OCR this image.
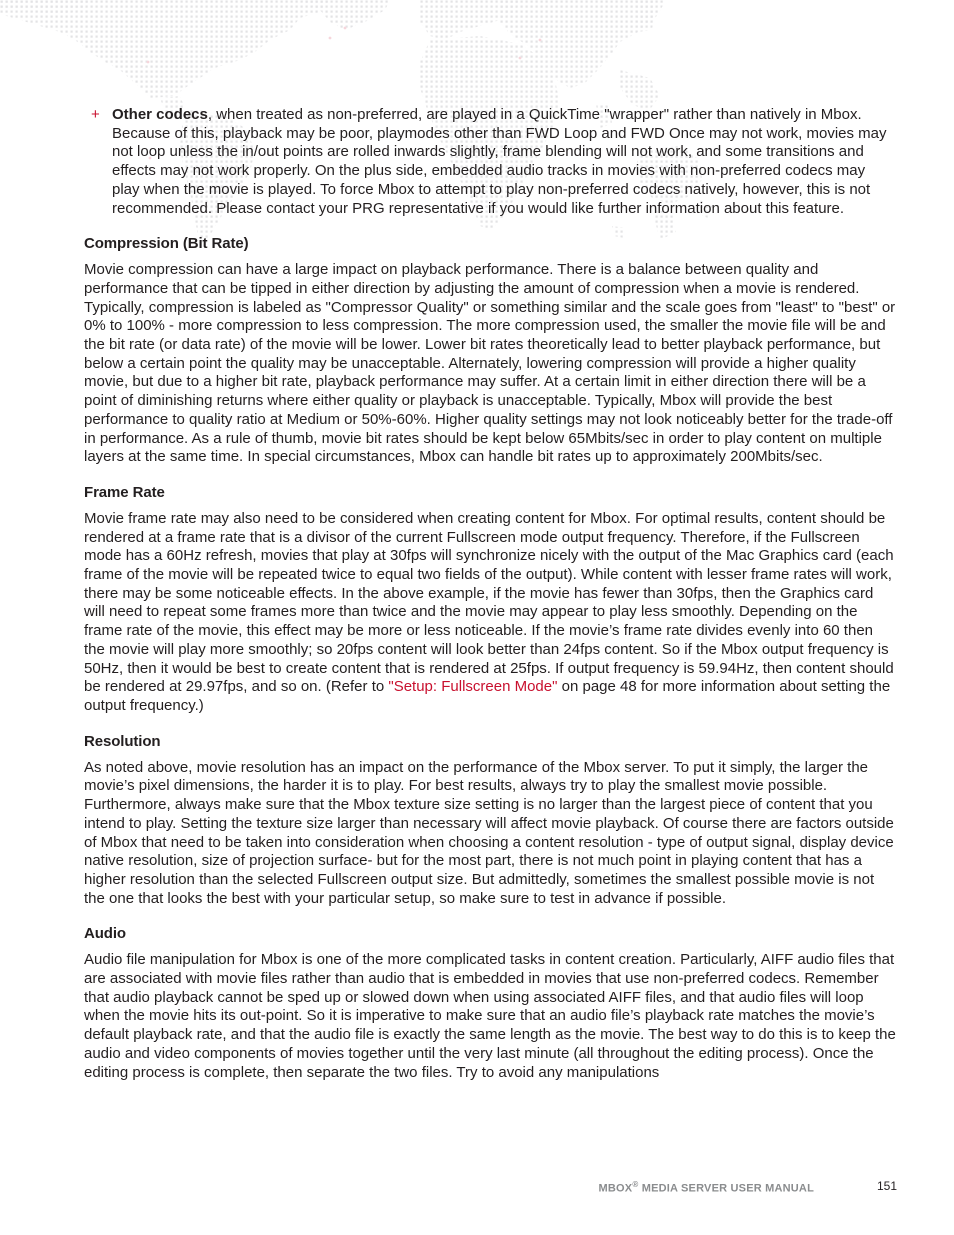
+ Other codecs, when treated as non-preferred, are played in a QuickTime "wrapper" rather than natively in Mbox. Because of this, playback may be poor, playmodes other than FWD Loop and FWD Once may not work, movies may not loop unless the in/out points are rolled inwards slightly, frame blending will not work, and some transitions and effects may not work properly. On the plus side, embedded audio tracks in movies with non-preferred codecs may play when the movie is played. To force Mbox to attempt to play non-preferred codecs natively, however, this is not recommended. Please contact your PRG representative if you would like further information about this feature.
Compression (Bit Rate)

Movie compression can have a large impact on playback performance. There is a balance between quality and performance that can be tipped in either direction by adjusting the amount of compression when a movie is rendered. Typically, compression is labeled as "Compressor Quality" or something similar and the scale goes from "least" to "best" or 0% to 100% - more compression to less compression. The more compression used, the smaller the movie file will be and the bit rate (or data rate) of the movie will be lower. Lower bit rates theoretically lead to better playback performance, but below a certain point the quality may be unacceptable. Alternately, lowering compression will provide a higher quality movie, but due to a higher bit rate, playback performance may suffer. At a certain limit in either direction there will be a point of diminishing returns where either quality or playback is unacceptable. Typically, Mbox will provide the best performance to quality ratio at Medium or 50%-60%. Higher quality settings may not look noticeably better for the trade-off in performance. As a rule of thumb, movie bit rates should be kept below 65Mbits/sec in order to play content on multiple layers at the same time. In special circumstances, Mbox can handle bit rates up to approximately 200Mbits/sec.

Frame Rate

Movie frame rate may also need to be considered when creating content for Mbox. For optimal results, content should be rendered at a frame rate that is a divisor of the current Fullscreen mode output frequency. Therefore, if the Fullscreen mode has a 60Hz refresh, movies that play at 30fps will synchronize nicely with the output of the Mac Graphics card (each frame of the movie will be repeated twice to equal two fields of the output). While content with lesser frame rates will work, there may be some noticeable effects. In the above example, if the movie has fewer than 30fps, then the Graphics card will need to repeat some frames more than twice and the movie may appear to play less smoothly. Depending on the frame rate of the movie, this effect may be more or less noticeable. If the movie’s frame rate divides evenly into 60 then the movie will play more smoothly; so 20fps content will look better than 24fps content. So if the Mbox output frequency is 50Hz, then it would be best to create content that is rendered at 25fps. If output frequency is 59.94Hz, then content should be rendered at 29.97fps, and so on. (Refer to "Setup: Fullscreen Mode" on page 48 for more information about setting the output frequency.)

Resolution

As noted above, movie resolution has an impact on the performance of the Mbox server. To put it simply, the larger the movie’s pixel dimensions, the harder it is to play. For best results, always try to play the smallest movie possible. Furthermore, always make sure that the Mbox texture size setting is no larger than the largest piece of content that you intend to play. Setting the texture size larger than necessary will affect movie playback. Of course there are factors outside of Mbox that need to be taken into consideration when choosing a content resolution - type of output signal, display device native resolution, size of projection surface- but for the most part, there is not much point in playing content that has a higher resolution than the selected Fullscreen output size. But admittedly, sometimes the smallest possible movie is not the one that looks the best with your particular setup, so make sure to test in advance if possible.

Audio

Audio file manipulation for Mbox is one of the more complicated tasks in content creation. Particularly, AIFF audio files that are associated with movie files rather than audio that is embedded in movies that use non-preferred codecs. Remember that audio playback cannot be sped up or slowed down when using associated AIFF files, and that audio files will loop when the movie hits its out-point. So it is imperative to make sure that an audio file’s playback rate matches the movie’s default playback rate, and that the audio file is exactly the same length as the movie. The best way to do this is to keep the audio and video components of movies together until the very last minute (all throughout the editing process). Once the editing process is complete, then separate the two files. Try to avoid any manipulations

MBOX® MEDIA SERVER USER MANUAL	151
